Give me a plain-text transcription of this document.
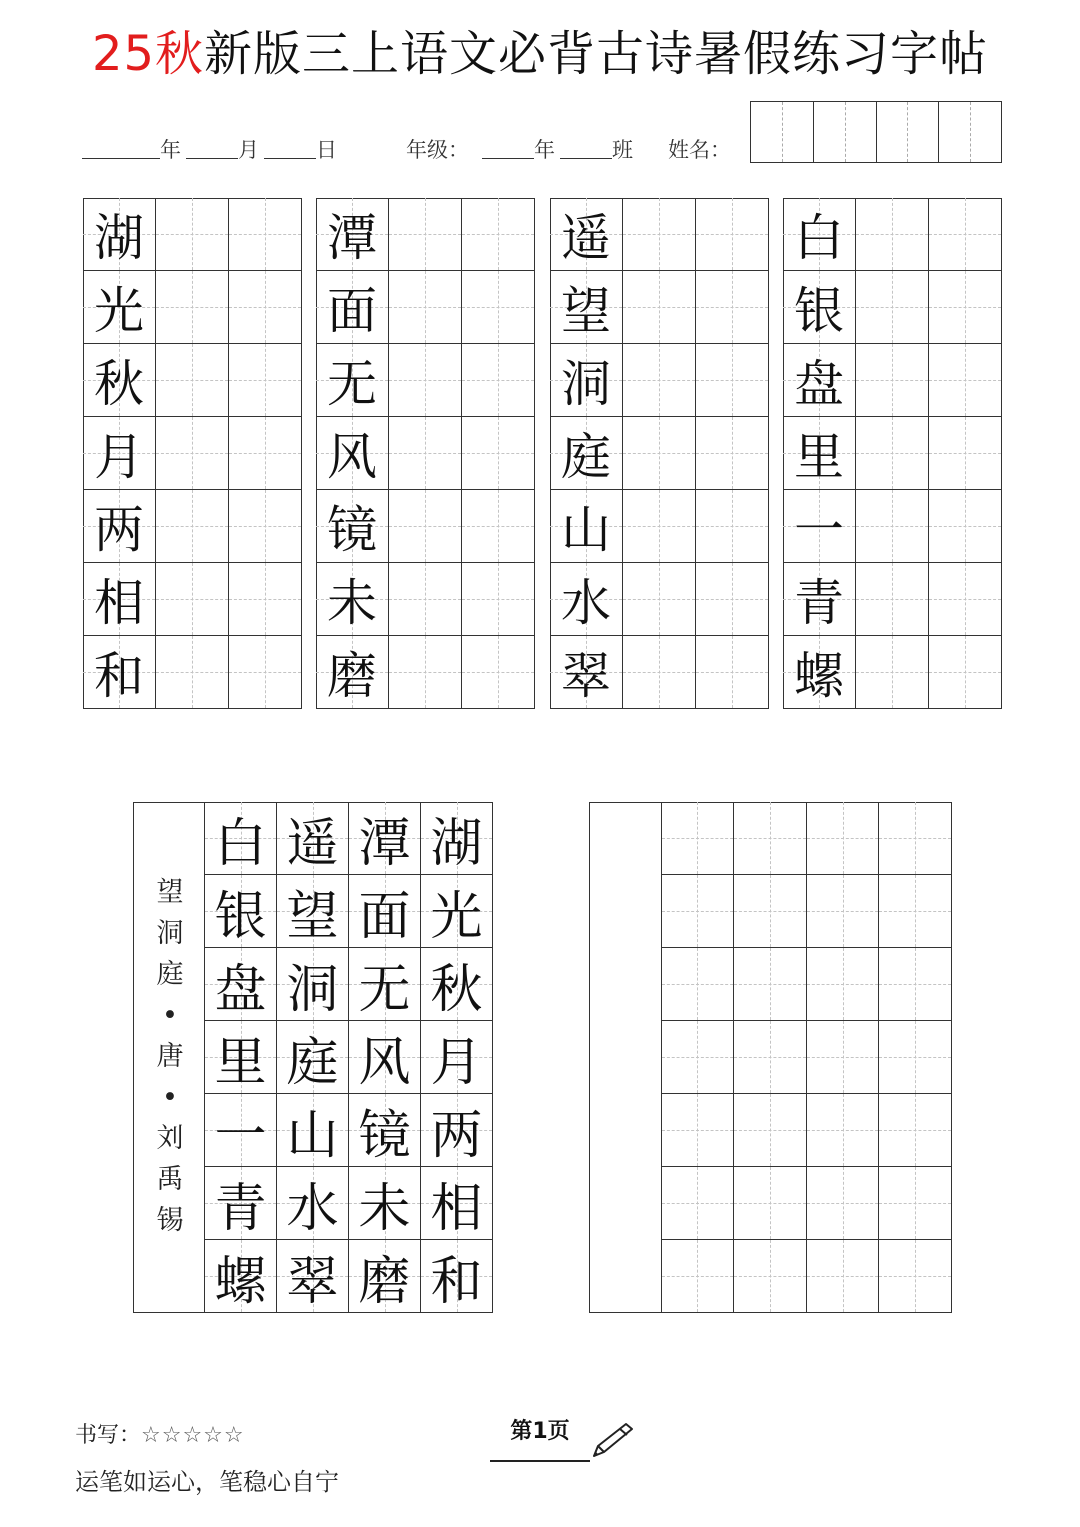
25秋新版三上语文必背古诗暑假练习字帖
年	月	日	年级：	年	班 姓名：
湖
光
秋
月
两
相
和
潭
面
无
风
镜
未
磨
遥
望
洞
庭
山
水
翠
白
银
盘
里
一
青
螺
望
洞
庭
•
唐
•
刘
禹
锡
白
银
盘
里
一
青
螺
遥
望
洞
庭
山
水
翠
潭
面
无
风
镜
未
磨
湖
光
秋
月
两
相
和
书写：☆☆☆☆☆	第1页
运笔如运心，笔稳心自宁
